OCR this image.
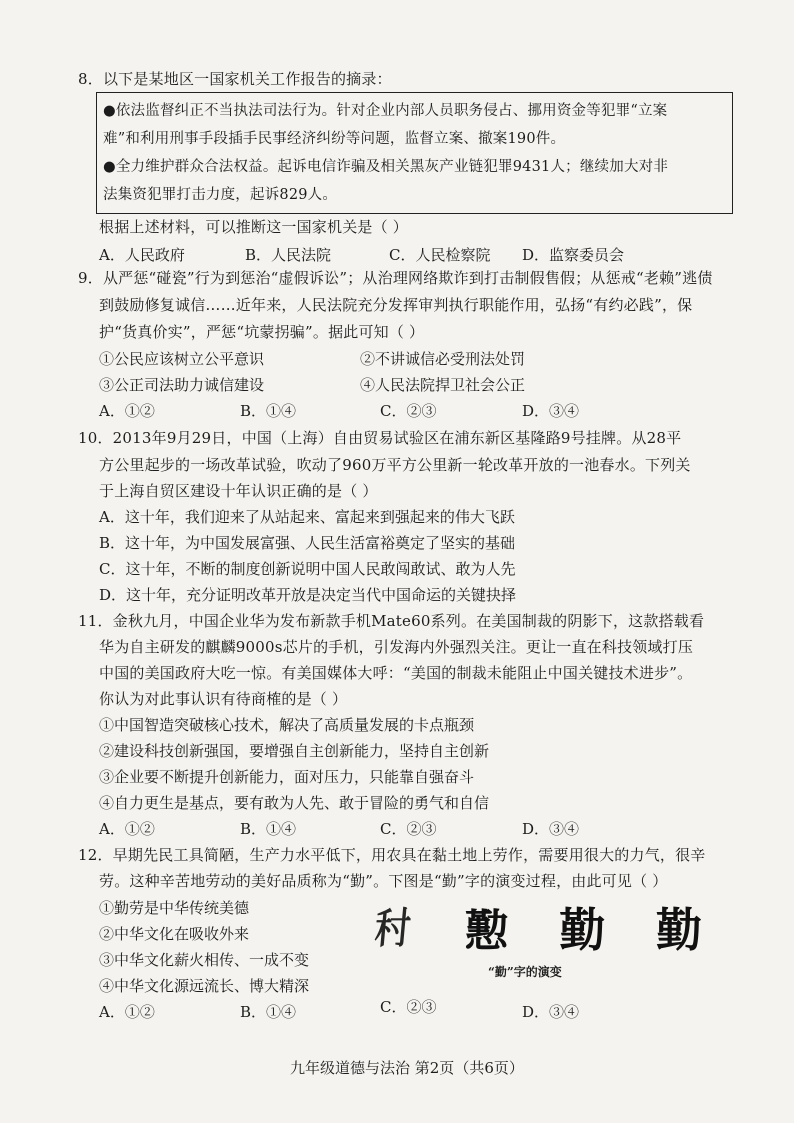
8．以下是某地区一国家机关工作报告的摘录：
●依法监督纠正不当执法司法行为。针对企业内部人员职务侵占、挪用资金等犯罪“立案
难”和利用刑事手段插手民事经济纠纷等问题，监督立案、撤案190件。
●全力维护群众合法权益。起诉电信诈骗及相关黑灰产业链犯罪9431人；继续加大对非
法集资犯罪打击力度，起诉829人。
根据上述材料，可以推断这一国家机关是（ ）
A．人民政府	B．人民法院	C．人民检察院 D．监察委员会
9．从严惩“碰瓷”行为到惩治“虚假诉讼”；从治理网络欺诈到打击制假售假；从惩戒“老赖”逃债
到鼓励修复诚信……近年来，人民法院充分发挥审判执行职能作用，弘扬“有约必践”，保
护“货真价实”，严惩“坑蒙拐骗”。据此可知（ ）
①公民应该树立公平意识	②不讲诚信必受刑法处罚
③公正司法助力诚信建设	④人民法院捍卫社会公正
A．①②	B．①④	C．②③	D．③④
10．2013年9月29日，中国（上海）自由贸易试验区在浦东新区基隆路9号挂牌。从28平
方公里起步的一场改革试验，吹动了960万平方公里新一轮改革开放的一池春水。下列关
于上海自贸区建设十年认识正确的是（ ）
A．这十年，我们迎来了从站起来、富起来到强起来的伟大飞跃
B．这十年，为中国发展富强、人民生活富裕奠定了坚实的基础
C．这十年，不断的制度创新说明中国人民敢闯敢试、敢为人先
D．这十年，充分证明改革开放是决定当代中国命运的关键抉择
11．金秋九月，中国企业华为发布新款手机Mate60系列。在美国制裁的阴影下，这款搭载看
华为自主研发的麒麟9000s芯片的手机，引发海内外强烈关注。更让一直在科技领域打压
中国的美国政府大吃一惊。有美国媒体大呼：“美国的制裁未能阻止中国关键技术进步”。
你认为对此事认识有待商榷的是（ ）
①中国智造突破核心技术，解决了高质量发展的卡点瓶颈
②建设科技创新强国，要增强自主创新能力，坚持自主创新
③企业要不断提升创新能力，面对压力，只能靠自强奋斗
④自力更生是基点，要有敢为人先、敢于冒险的勇气和自信
A．①②	B．①④	C．②③	D．③④
12．早期先民工具简陋，生产力水平低下，用农具在黏土地上劳作，需要用很大的力气，很辛
劳。这种辛苦地劳动的美好品质称为“勤”。下图是“勤”字的演变过程，由此可见（ ）
①勤劳是中华传统美德
②中华文化在吸收外来
③中华文化薪火相传、一成不变
④中华文化源远流长、博大精深
A．①②	B．①④	C．②③	D．③④
𡬟 懃 勤 勤
“勤”字的演变
九年级道德与法治 第2页（共6页）
